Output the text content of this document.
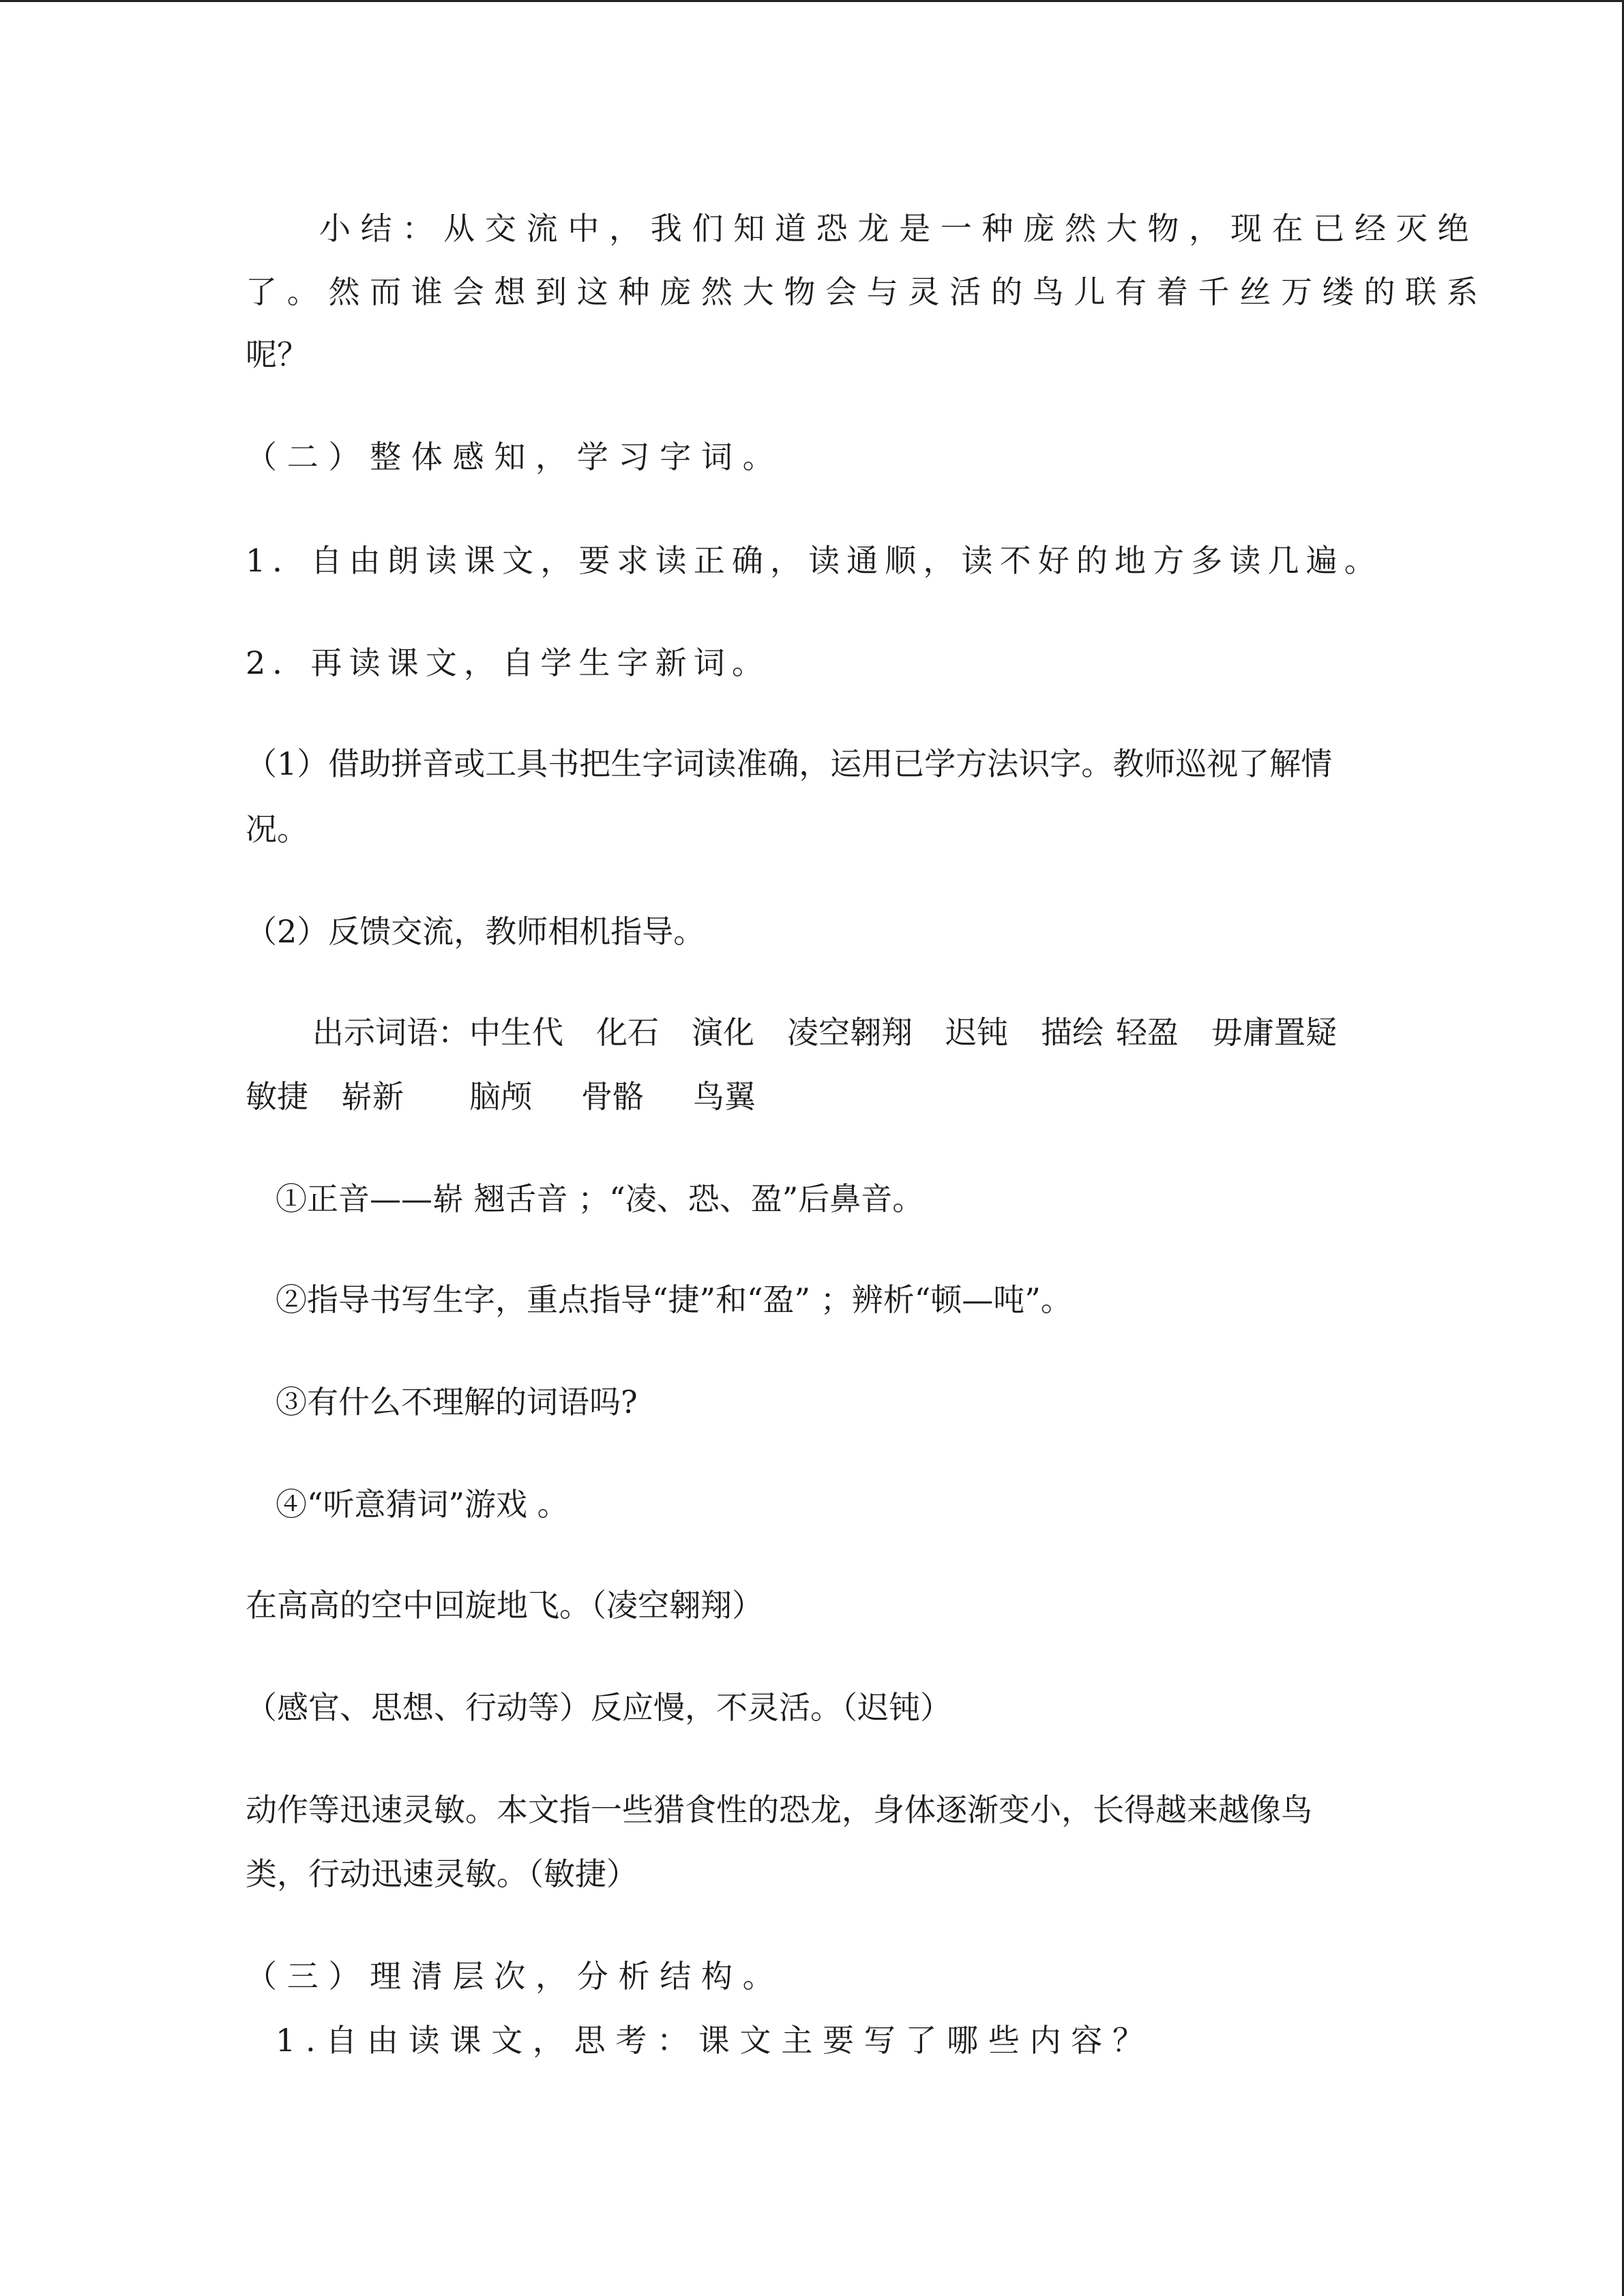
小结：从交流中，我们知道恐龙是一种庞然大物，现在已经灭绝
了。然而谁会想到这种庞然大物会与灵活的鸟儿有着千丝万缕的联系
呢？
（二）整体感知，学习字词。
1．自由朗读课文，要求读正确，读通顺，读不好的地方多读几遍。
2．再读课文，自学生字新词。
（1）借助拼音或工具书把生字词读准确，运用已学方法识字。教师巡视了解情
况。
（2）反馈交流，教师相机指导。
出示词语：中生代 化石 演化 凌空翱翔 迟钝 描绘 轻盈 毋庸置疑
敏捷 崭新 脑颅 骨骼 鸟翼
①正音——崭 翘舌音 ；“凌、恐、盈”后鼻音。
②指导书写生字，重点指导“捷”和“盈” ；辨析“顿—吨”。
③有什么不理解的词语吗?
④“听意猜词”游戏 。
在高高的空中回旋地飞。（凌空翱翔）
（感官、思想、行动等）反应慢，不灵活。（迟钝）
动作等迅速灵敏。本文指一些猎食性的恐龙，身体逐渐变小，长得越来越像鸟
类，行动迅速灵敏。（敏捷）
（三）理清层次，分析结构。
1.自由读课文，思考：课文主要写了哪些内容？
